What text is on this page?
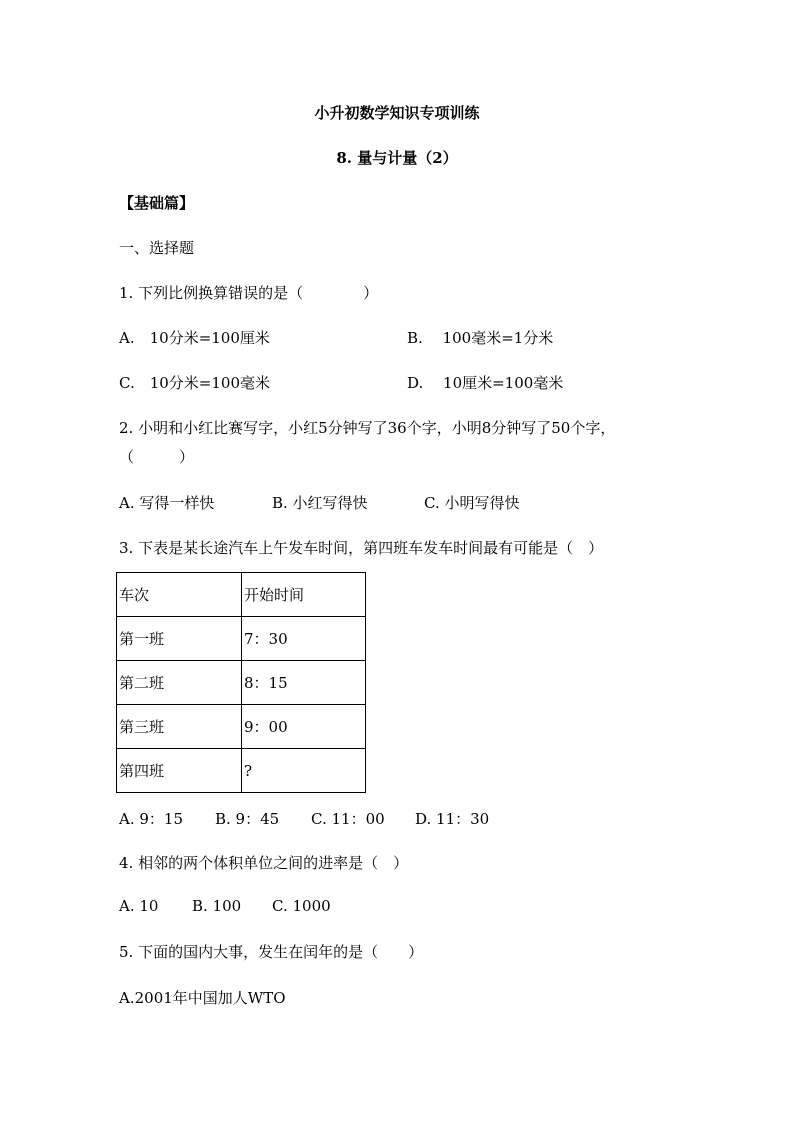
小升初数学知识专项训练
8. 量与计量（2）
【基础篇】
一、选择题
1. 下列比例换算错误的是（　　　　）
A.　10分米=100厘米	B.　 100毫米=1分米
C.　10分米=100毫米	D.　 10厘米=100毫米
2. 小明和小红比赛写字，小红5分钟写了36个字，小明8分钟写了50个字，
（　　　）
A. 写得一样快	B. 小红写得快	C. 小明写得快
3. 下表是某长途汽车上午发车时间，第四班车发车时间最有可能是（　）
车次	开始时间
第一班	7：30
第二班	8：15
第三班	9：00
第四班	?
A. 9：15 B. 9：45 C. 11：00 D. 11：30
4. 相邻的两个体积单位之间的进率是（　）
A. 10 B. 100 C. 1000
5. 下面的国内大事，发生在闰年的是（　　）
A.2001年中国加人WTO
